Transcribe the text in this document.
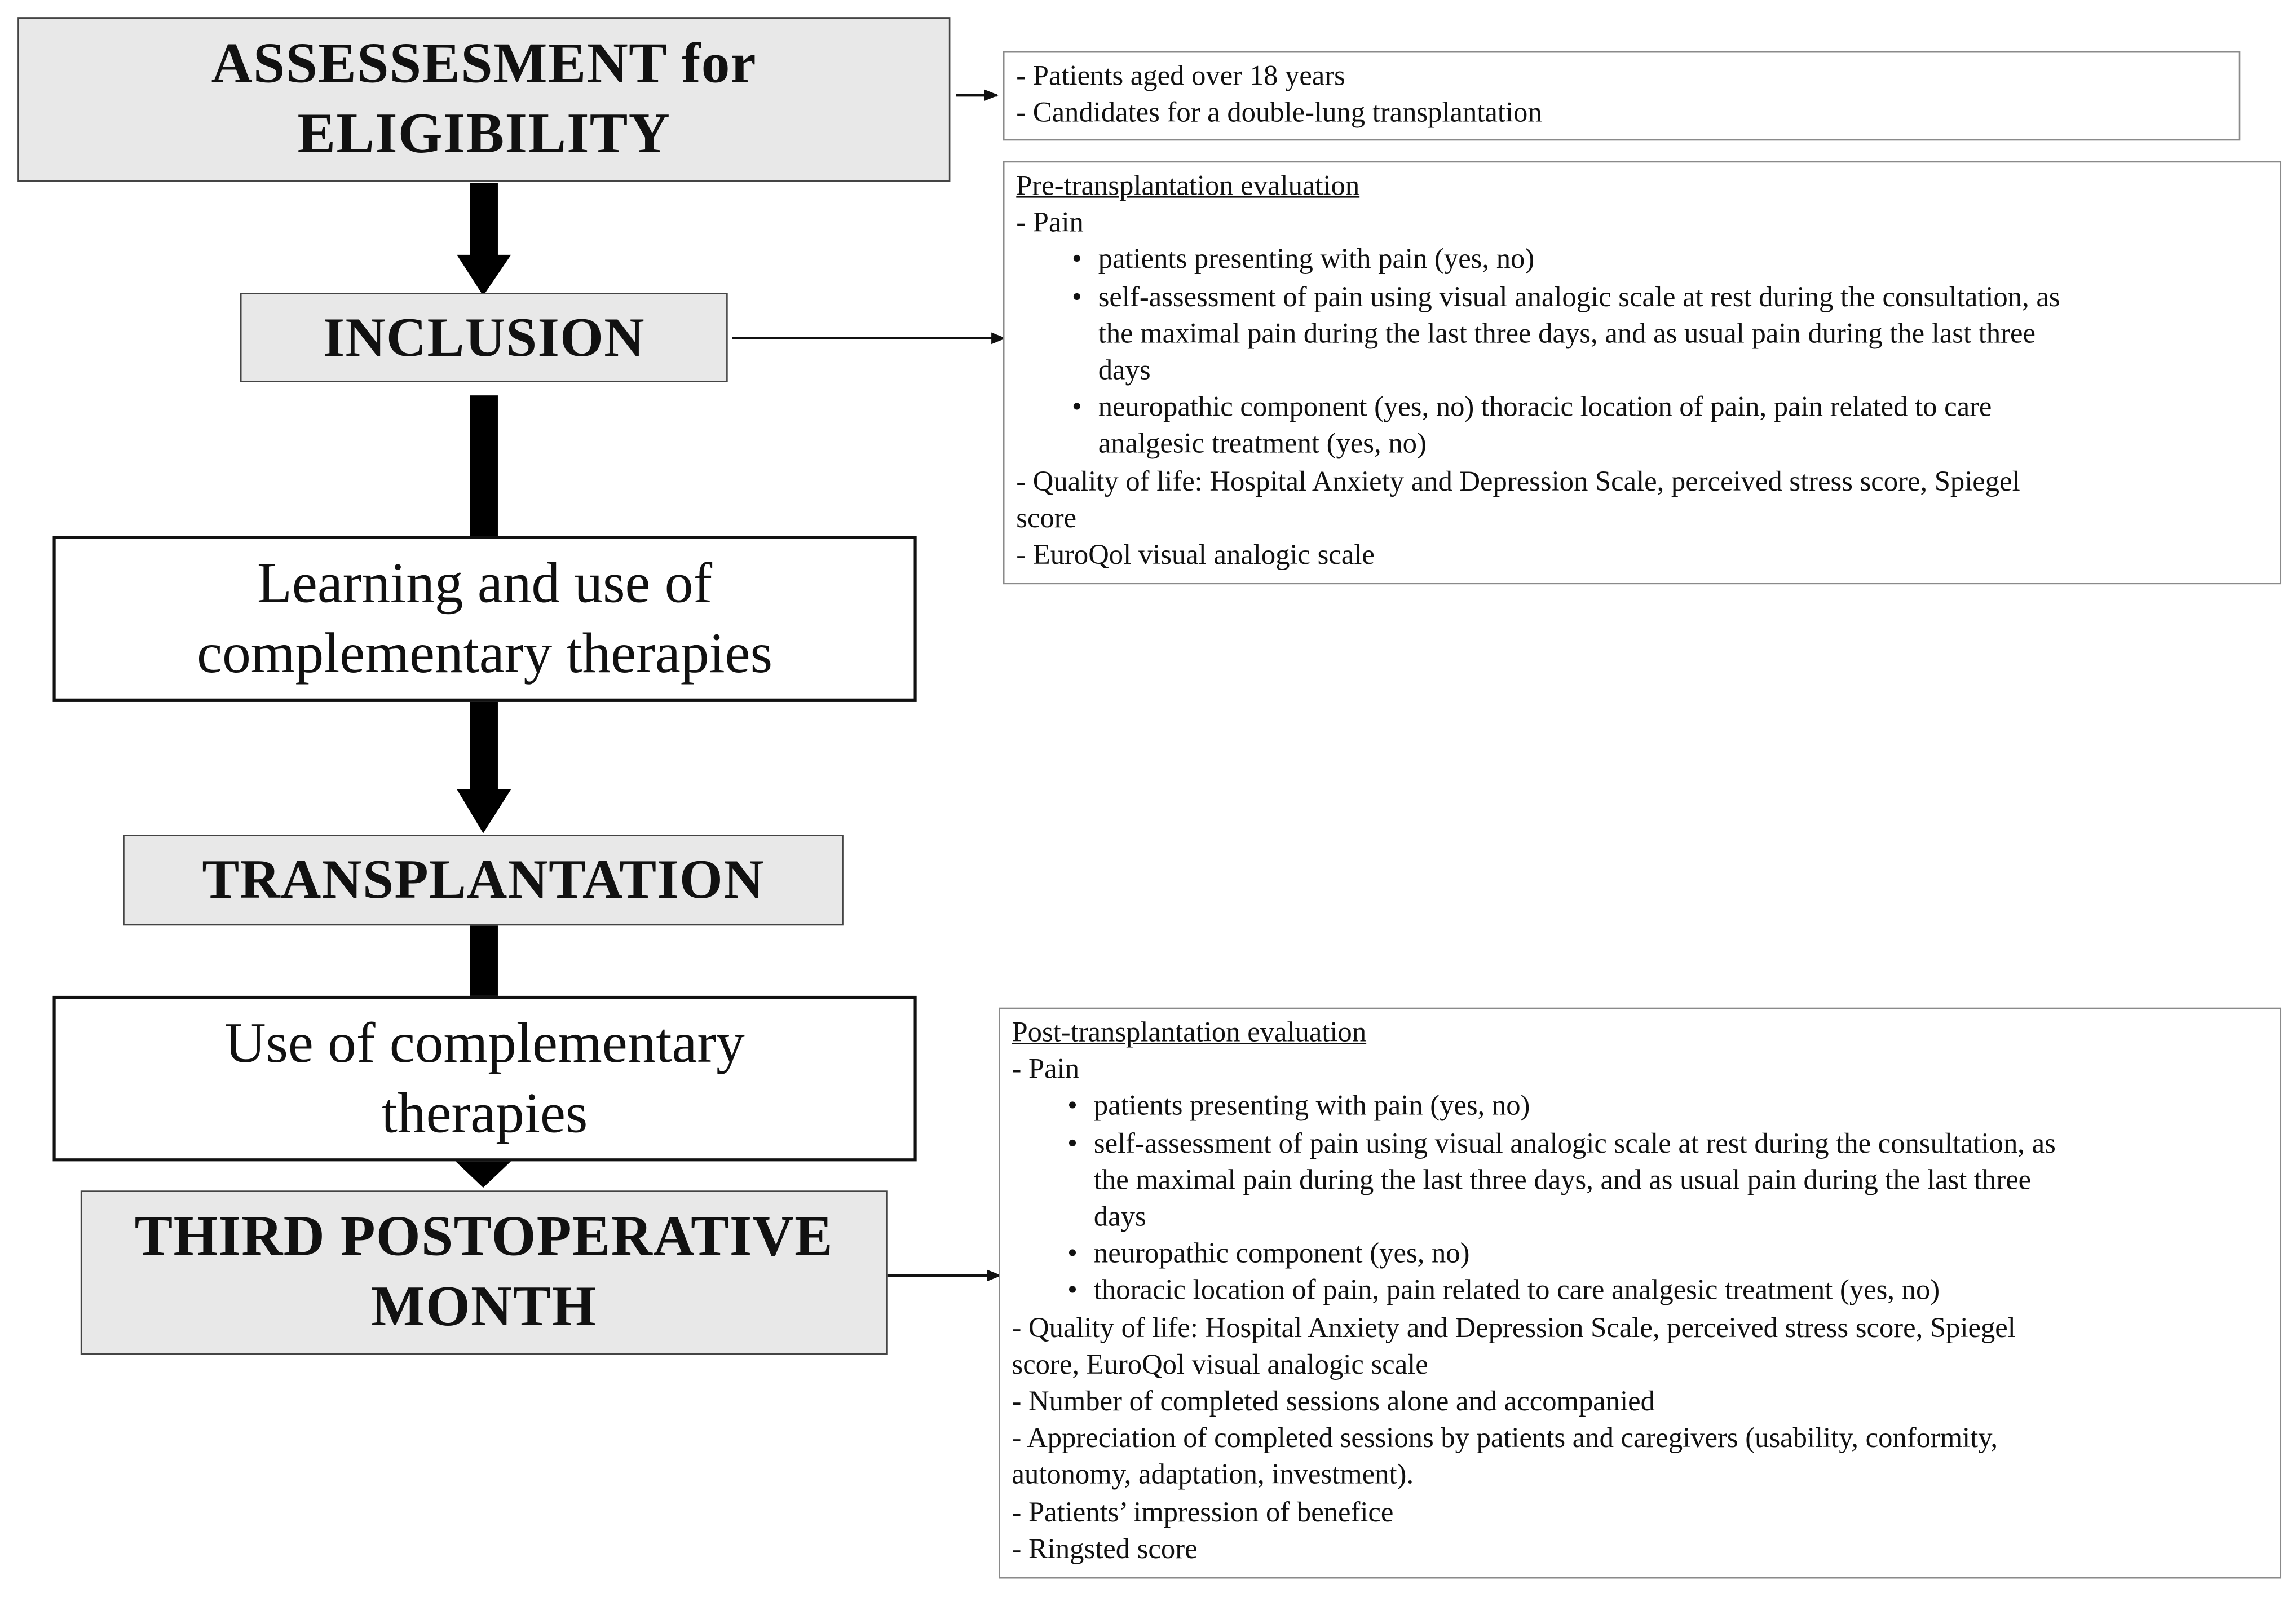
ASSESSESMENT for
ELIGIBILITY
INCLUSION
Learning and use of
complementary therapies
TRANSPLANTATION
Use of complementary
therapies
THIRD POSTOPERATIVE
MONTH
- Patients aged over 18 years
- Candidates for a double-lung transplantation
Pre-transplantation evaluation
- Pain
• patients presenting with pain (yes, no)
• self-assessment of pain using visual analogic scale at rest during the consultation, as
the maximal pain during the last three days, and as usual pain during the last three
days
• neuropathic component (yes, no) thoracic location of pain, pain related to care
analgesic treatment (yes, no)
- Quality of life: Hospital Anxiety and Depression Scale, perceived stress score, Spiegel
score
- EuroQol visual analogic scale
Post-transplantation evaluation
- Pain
• patients presenting with pain (yes, no)
• self-assessment of pain using visual analogic scale at rest during the consultation, as
the maximal pain during the last three days, and as usual pain during the last three
days
• neuropathic component (yes, no)
• thoracic location of pain, pain related to care analgesic treatment (yes, no)
- Quality of life: Hospital Anxiety and Depression Scale, perceived stress score, Spiegel
score, EuroQol visual analogic scale
- Number of completed sessions alone and accompanied
- Appreciation of completed sessions by patients and caregivers (usability, conformity,
autonomy, adaptation, investment).
- Patients’ impression of benefice
- Ringsted score
